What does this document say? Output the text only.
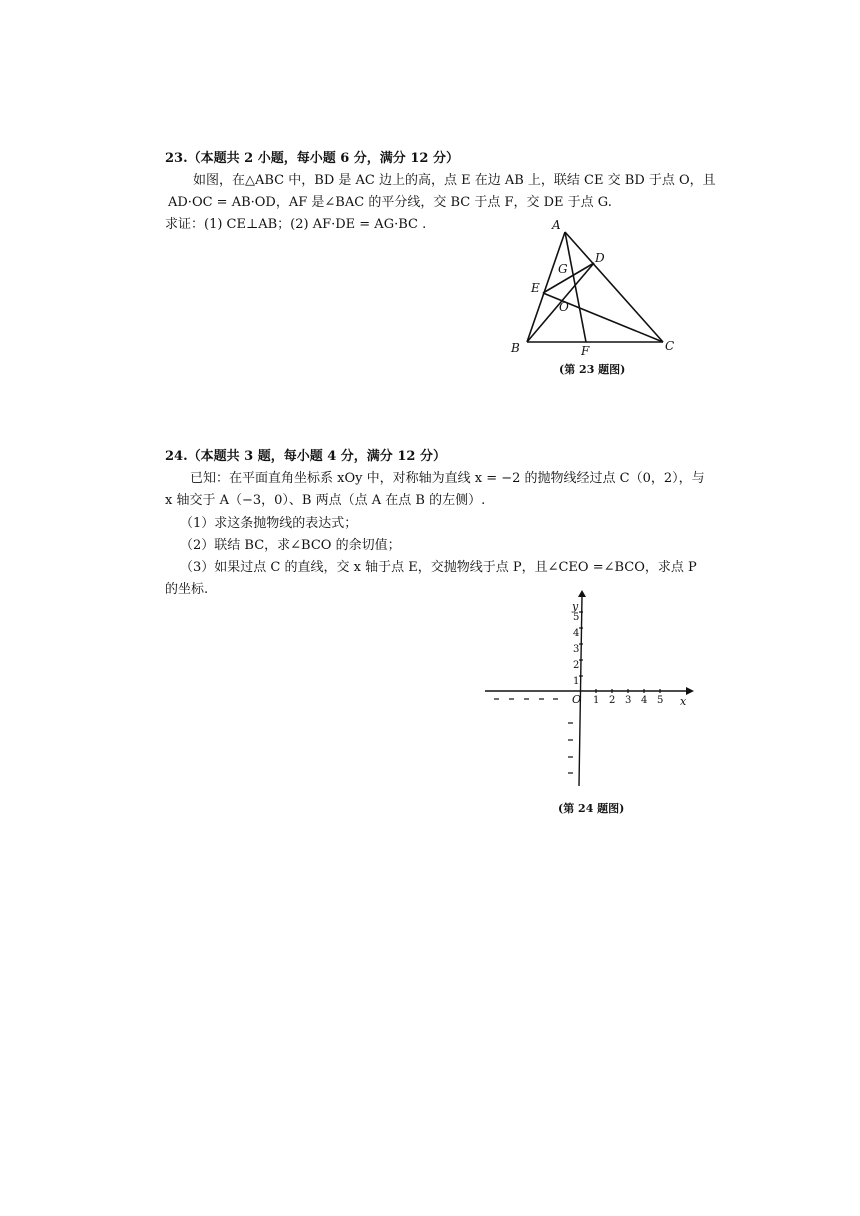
23.（本题共 2 小题，每小题 6 分，满分 12 分）
如图，在△ABC 中，BD 是 AC 边上的高，点 E 在边 AB 上，联结 CE 交 BD 于点 O，且
AD·OC = AB·OD，AF 是∠BAC 的平分线，交 BC 于点 F，交 DE 于点 G.
求证：(1) CE⊥AB；(2) AF·DE = AG·BC .	A
D
G
E
O
B	F	C
(第 23 题图)
24.（本题共 3 题，每小题 4 分，满分 12 分）
已知：在平面直角坐标系 xOy 中，对称轴为直线 x = −2 的抛物线经过点 C（0，2），与
x 轴交于 A（−3，0）、B 两点（点 A 在点 B 的左侧）.
（1）求这条抛物线的表达式；
（2）联结 BC，求∠BCO 的余切值；
（3）如果过点 C 的直线，交 x 轴于点 E，交抛物线于点 P，且∠CEO =∠BCO，求点 P
的坐标.
y
x
O
5
4
3
2
1
1 2 3 4 5
(第 24 题图)
